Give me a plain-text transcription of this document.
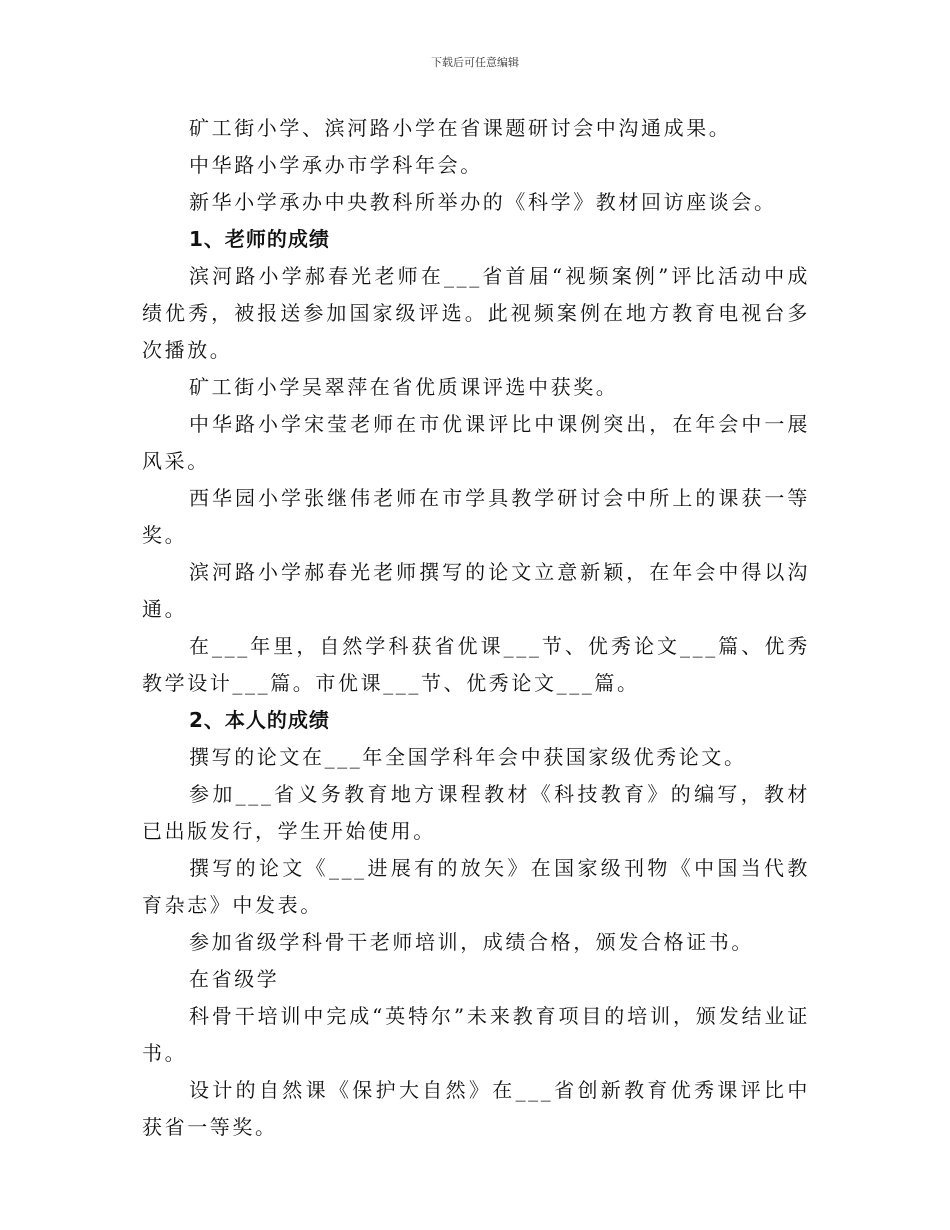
下载后可任意编辑

矿工街小学、滨河路小学在省课题研讨会中沟通成果。

中华路小学承办市学科年会。

新华小学承办中央教科所举办的《科学》教材回访座谈会。

1、老师的成绩

滨河路小学郝春光老师在___省首届“视频案例”评比活动中成绩优秀，被报送参加国家级评选。此视频案例在地方教育电视台多次播放。

矿工街小学吴翠萍在省优质课评选中获奖。

中华路小学宋莹老师在市优课评比中课例突出，在年会中一展风采。

西华园小学张继伟老师在市学具教学研讨会中所上的课获一等奖。

滨河路小学郝春光老师撰写的论文立意新颖，在年会中得以沟通。

在___年里，自然学科获省优课___节、优秀论文___篇、优秀教学设计___篇。市优课___节、优秀论文___篇。

2、本人的成绩

撰写的论文在___年全国学科年会中获国家级优秀论文。

参加___省义务教育地方课程教材《科技教育》的编写，教材已出版发行，学生开始使用。

撰写的论文《___进展有的放矢》在国家级刊物《中国当代教育杂志》中发表。

参加省级学科骨干老师培训，成绩合格，颁发合格证书。

在省级学

科骨干培训中完成“英特尔”未来教育项目的培训，颁发结业证书。

设计的自然课《保护大自然》在___省创新教育优秀课评比中获省一等奖。
